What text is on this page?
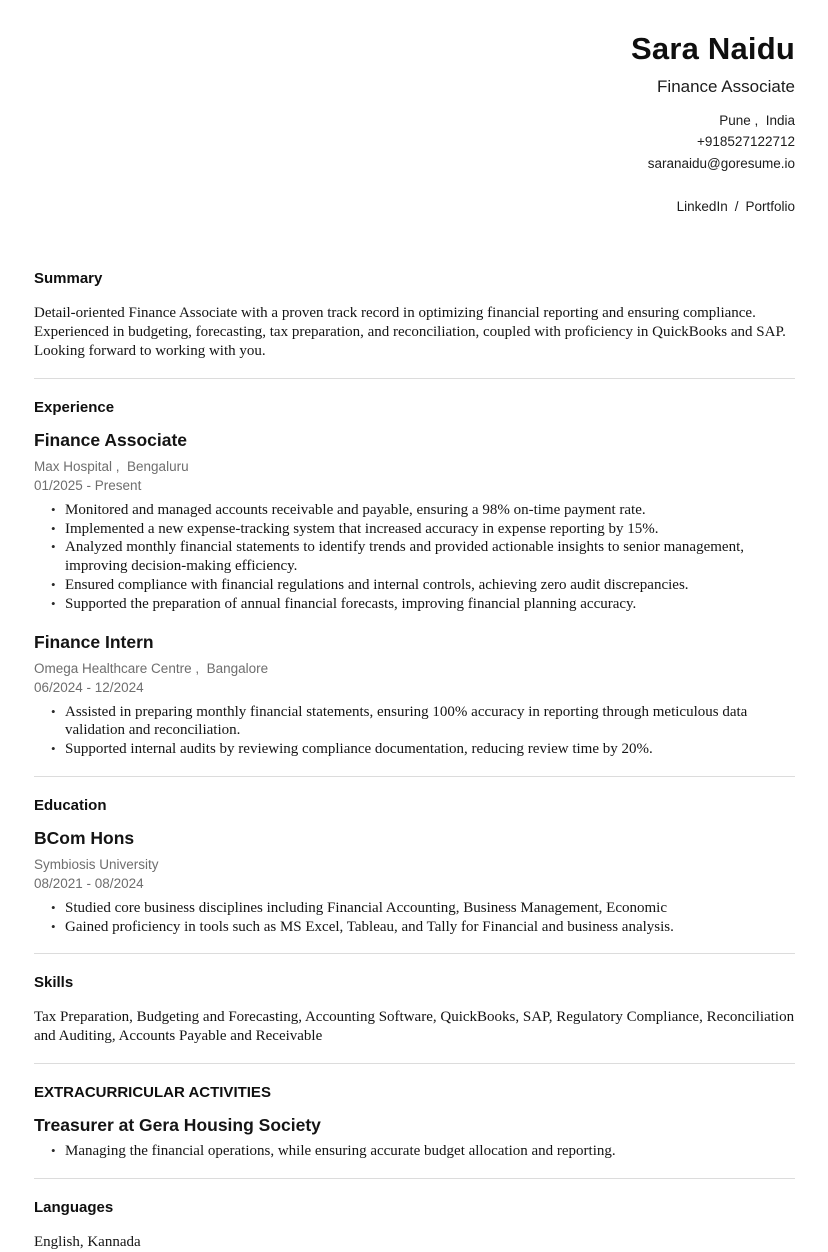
Sara Naidu
Finance Associate
Pune ,  India
+918527122712
saranaidu@goresume.io

LinkedIn / Portfolio

Summary
Detail-oriented Finance Associate with a proven track record in optimizing financial reporting and ensuring compliance. Experienced in budgeting, forecasting, tax preparation, and reconciliation, coupled with proficiency in QuickBooks and SAP. Looking forward to working with you.
Experience
Finance Associate
Max Hospital ,  Bengaluru
01/2025 - Present
• Monitored and managed accounts receivable and payable, ensuring a 98% on-time payment rate.
• Implemented a new expense-tracking system that increased accuracy in expense reporting by 15%.
• Analyzed monthly financial statements to identify trends and provided actionable insights to senior management, improving decision-making efficiency.
• Ensured compliance with financial regulations and internal controls, achieving zero audit discrepancies.
• Supported the preparation of annual financial forecasts, improving financial planning accuracy.
Finance Intern
Omega Healthcare Centre ,  Bangalore
06/2024 - 12/2024
• Assisted in preparing monthly financial statements, ensuring 100% accuracy in reporting through meticulous data validation and reconciliation.
• Supported internal audits by reviewing compliance documentation, reducing review time by 20%.
Education
BCom Hons
Symbiosis University
08/2021 - 08/2024
• Studied core business disciplines including Financial Accounting, Business Management, Economic
• Gained proficiency in tools such as MS Excel, Tableau, and Tally for Financial and business analysis.
Skills
Tax Preparation, Budgeting and Forecasting, Accounting Software, QuickBooks, SAP, Regulatory Compliance, Reconciliation and Auditing, Accounts Payable and Receivable
EXTRACURRICULAR ACTIVITIES
Treasurer at Gera Housing Society
• Managing the financial operations, while ensuring accurate budget allocation and reporting.
Languages
English, Kannada
